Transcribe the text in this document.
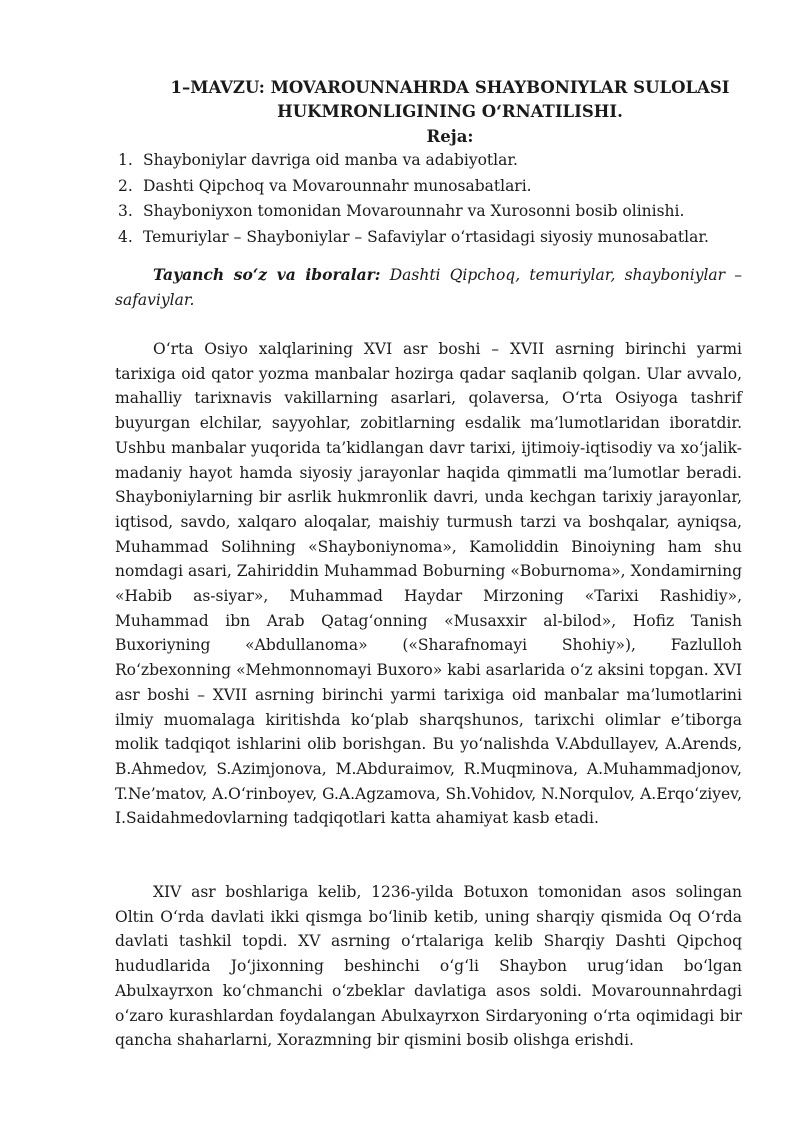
1–MAVZU: MOVAROUNNAHRDA SHAYBONIYLAR SULOLASI
HUKMRONLIGINING O‘RNATILISHI.
Reja:
1. Shayboniylar davriga oid manba va adabiyotlar.
2. Dashti Qipchoq va Movarounnahr munosabatlari.
3. Shayboniyxon tomonidan Movarounnahr va Xurosonni bosib olinishi.
4. Temuriylar – Shayboniylar – Safaviylar o‘rtasidagi siyosiy munosabatlar.

Tayanch so‘z va iboralar: Dashti Qipchoq, temuriylar, shayboniylar – safaviylar.

O‘rta Osiyo xalqlarining XVI asr boshi – XVII asrning birinchi yarmi tarixiga oid qator yozma manbalar hozirga qadar saqlanib qolgan. Ular avvalo, mahalliy tarixnavis vakillarning asarlari, qolaversa, O‘rta Osiyoga tashrif buyurgan elchilar, sayyohlar, zobitlarning esdalik ma’lumotlaridan iboratdir. Ushbu manbalar yuqorida ta’kidlangan davr tarixi, ijtimoiy-iqtisodiy va xo‘jalik-madaniy hayot hamda siyosiy jarayonlar haqida qimmatli ma’lumotlar beradi. Shayboniylarning bir asrlik hukmronlik davri, unda kechgan tarixiy jarayonlar, iqtisod, savdo, xalqaro aloqalar, maishiy turmush tarzi va boshqalar, ayniqsa, Muhammad Solihning «Shayboniynoma», Kamoliddin Binoiyning ham shu nomdagi asari, Zahiriddin Muhammad Boburning «Boburnoma», Xondamirning «Habib as-siyar», Muhammad Haydar Mirzoning «Tarixi Rashidiy», Muhammad ibn Arab Qatag‘onning «Musaxxir al-bilod», Hofiz Tanish Buxoriyning «Abdullanoma» («Sharafnomayi Shohiy»), Fazlulloh Ro‘zbexonning «Mehmonnomayi Buxoro» kabi asarlarida o‘z aksini topgan. XVI asr boshi – XVII asrning birinchi yarmi tarixiga oid manbalar ma’lumotlarini ilmiy muomalaga kiritishda ko‘plab sharqshunos, tarixchi olimlar e’tiborga molik tadqiqot ishlarini olib borishgan. Bu yo‘nalishda V.Abdullayev, A.Arends, B.Ahmedov, S.Azimjonova, M.Abduraimov, R.Muqminova, A.Muhammadjonov, T.Ne’matov, A.O‘rinboyev, G.A.Agzamova, Sh.Vohidov, N.Norqulov, A.Erqo‘ziyev, I.Saidahmedovlarning tadqiqotlari katta ahamiyat kasb etadi.

XIV asr boshlariga kelib, 1236-yilda Botuxon tomonidan asos solingan Oltin O‘rda davlati ikki qismga bo‘linib ketib, uning sharqiy qismida Oq O‘rda davlati tashkil topdi. XV asrning o‘rtalariga kelib Sharqiy Dashti Qipchoq hududlarida Jo‘jixonning beshinchi o‘g‘li Shaybon urug‘idan bo‘lgan Abulxayrxon ko‘chmanchi o‘zbeklar davlatiga asos soldi. Movarounnahrdagi o‘zaro kurashlardan foydalangan Abulxayrxon Sirdaryoning o‘rta oqimidagi bir qancha shaharlarni, Xorazmning bir qismini bosib olishga erishdi.
